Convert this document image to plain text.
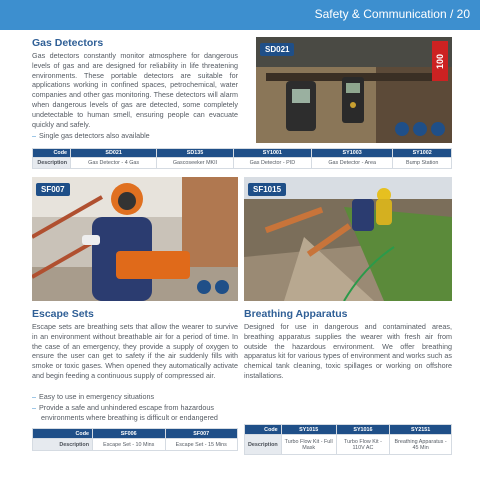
Safety & Communication / 20
Gas Detectors
Gas detectors constantly monitor atmosphere for dangerous levels of gas and are designed for reliability in life threatening environments. These portable detectors are suitable for applications working in confined spaces, petrochemical, water companies and other gas monitoring. These detectors will alarm when dangerous levels of gas are detected, some completely undetectable to human smell, ensuring people can evacuate quickly and safely.
– Single gas detectors also available
SD021
100
Code	SD021	SD135	SY1001	SY1003	SY1002
Description	Gas Detector - 4 Gas	Gascoseeker MKII	Gas Detector - PID	Gas Detector - Area	Bump Station
SF007	SF1015
Escape Sets
Escape sets are breathing sets that allow the wearer to survive in an environment without breathable air for a period of time. In the case of an emergency, they provide a supply of oxygen to ensure the user can get to safety if the air suddenly fills with smoke or toxic gases. When opened they automatically activate and begin feeding a continuous supply of compressed air.
– Easy to use in emergency situations
– Provide a safe and unhindered escape from hazardous environments where breathing is difficult or endangered
Code	SF006	SF007
Description	Escape Set - 10 Mins	Escape Set - 15 Mins
Breathing Apparatus
Designed for use in dangerous and contaminated areas, breathing apparatus supplies the wearer with fresh air from outside the hazardous environment. We offer breathing apparatus kit for various types of environment and works such as chemical tank cleaning, toxic spillages or working on offshore installations.
Code	SY1015	SY1016	SY2151
Description	Turbo Flow Kit - Full Mask	Turbo Flow Kit - 110V AC	Breathing Apparatus - 45 Min
